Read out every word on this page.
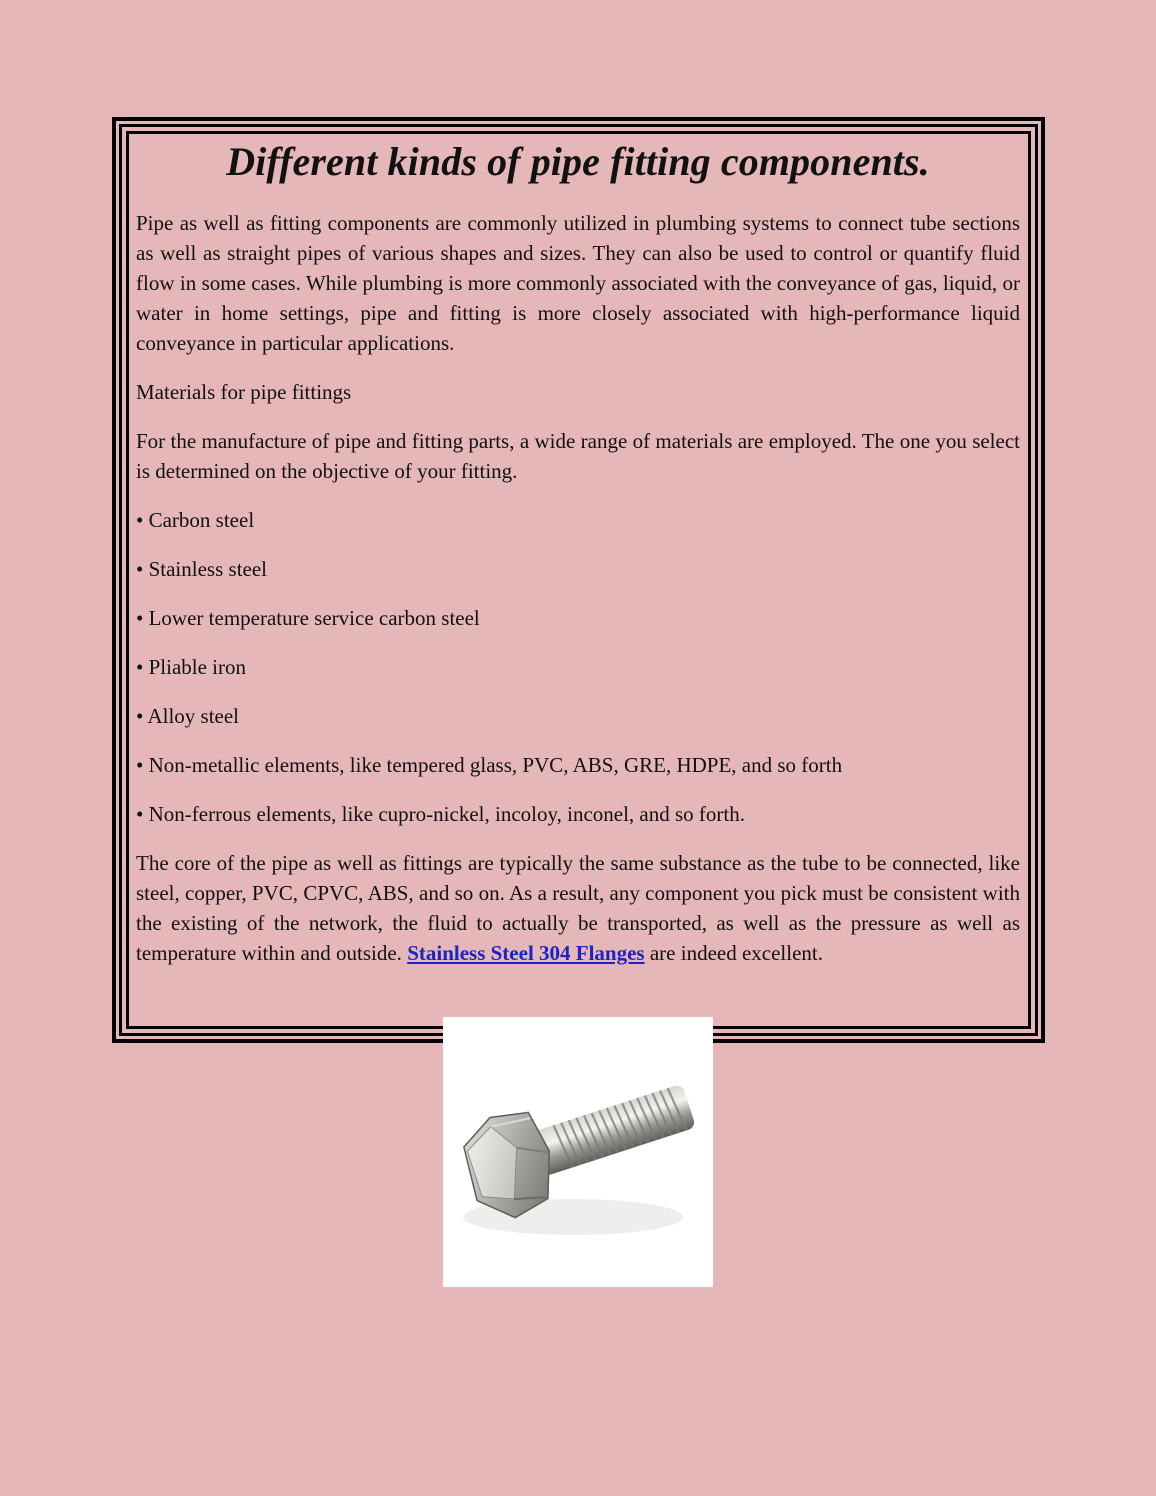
Different kinds of pipe fitting components.

Pipe as well as fitting components are commonly utilized in plumbing systems to connect tube sections as well as straight pipes of various shapes and sizes. They can also be used to control or quantify fluid flow in some cases. While plumbing is more commonly associated with the conveyance of gas, liquid, or water in home settings, pipe and fitting is more closely associated with high-performance liquid conveyance in particular applications.

Materials for pipe fittings

For the manufacture of pipe and fitting parts, a wide range of materials are employed. The one you select is determined on the objective of your fitting.

• Carbon steel

• Stainless steel

• Lower temperature service carbon steel

• Pliable iron

• Alloy steel

• Non-metallic elements, like tempered glass, PVC, ABS, GRE, HDPE, and so forth

• Non-ferrous elements, like cupro-nickel, incoloy, inconel, and so forth.

The core of the pipe as well as fittings are typically the same substance as the tube to be connected, like steel, copper, PVC, CPVC, ABS, and so on. As a result, any component you pick must be consistent with the existing of the network, the fluid to actually be transported, as well as the pressure as well as temperature within and outside. Stainless Steel 304 Flanges are indeed excellent.
